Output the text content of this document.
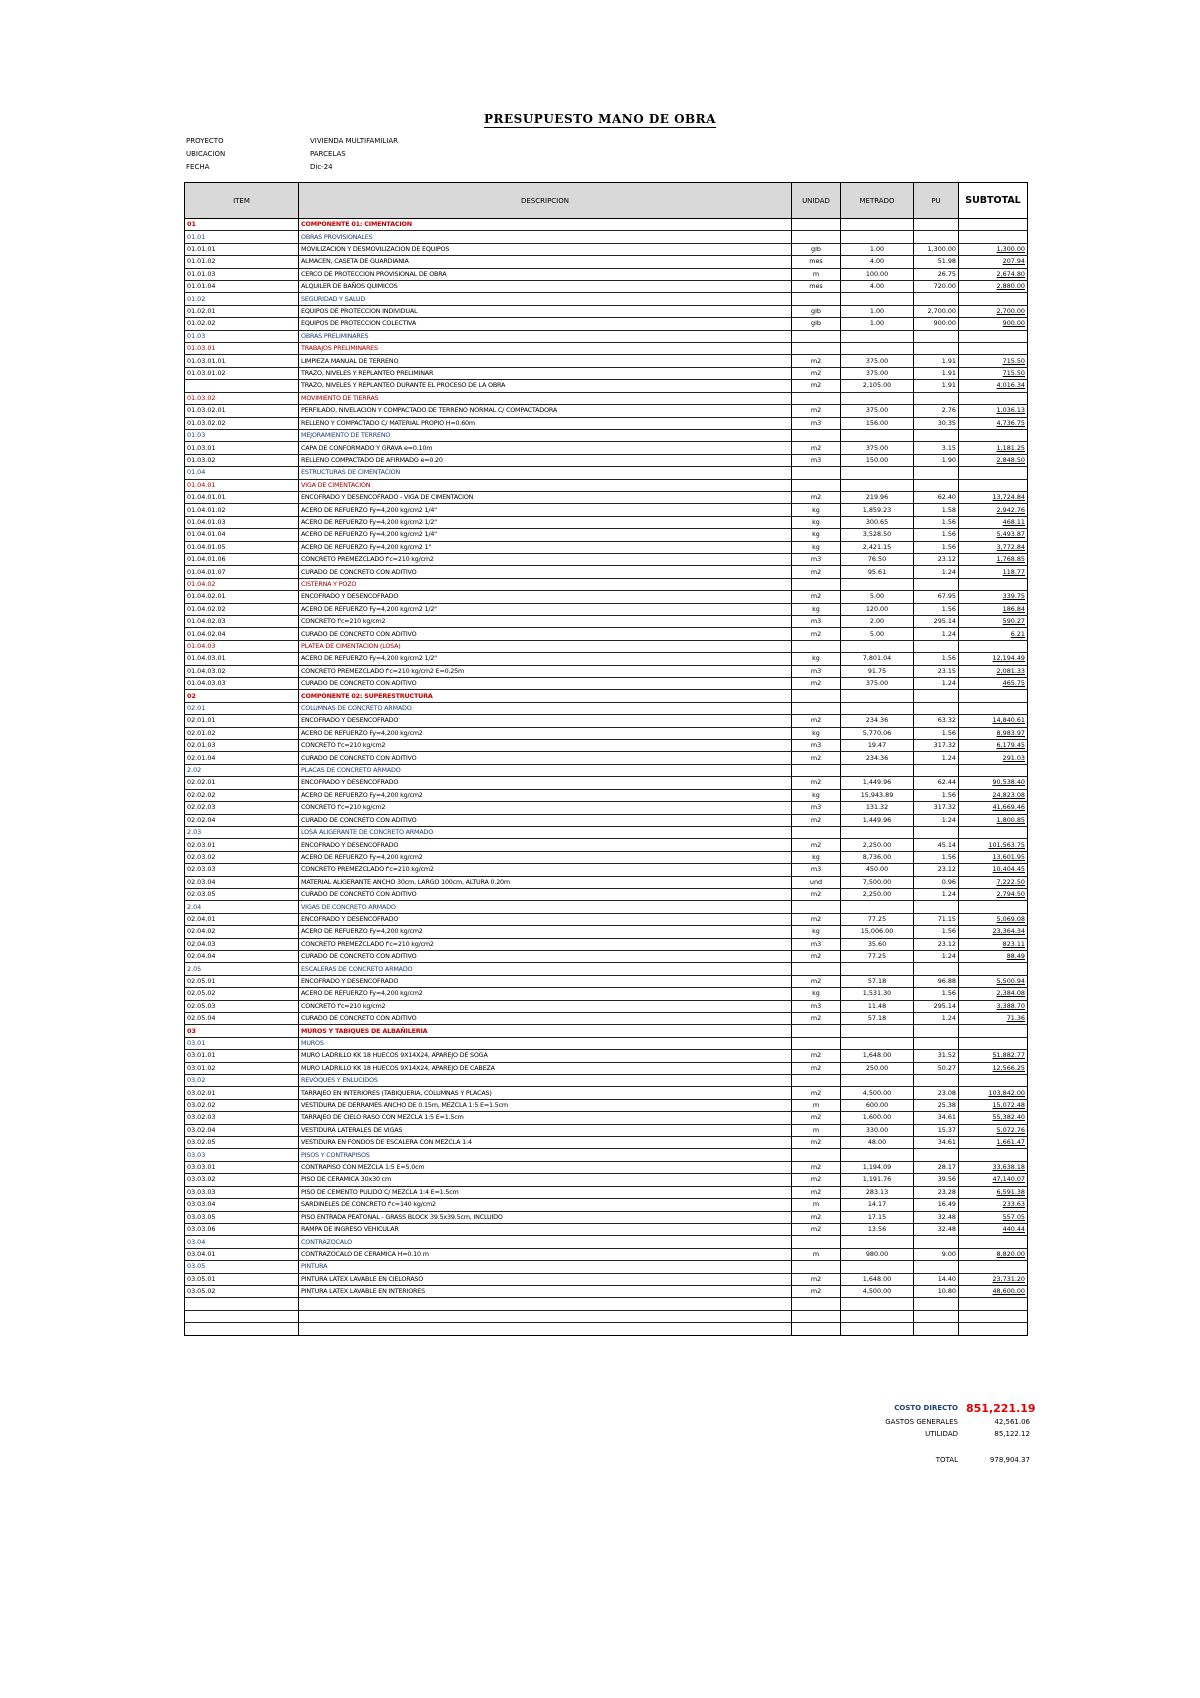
PRESUPUESTO MANO DE OBRA
PROYECTO	VIVIENDA MULTIFAMILIAR
UBICACION	PARCELAS
FECHA	Dic-24
ITEM	DESCRIPCION	UNIDAD	METRADO	PU	SUBTOTAL
01	COMPONENTE 01: CIMENTACION				
01.01	OBRAS PROVISIONALES				
01.01.01	MOVILIZACION Y DESMOVILIZACION DE EQUIPOS	glb	1.00	1,300.00	1,300.00
01.01.02	ALMACEN, CASETA DE GUARDIANIA	mes	4.00	51.98	207.94
01.01.03	CERCO DE PROTECCION PROVISIONAL DE OBRA	m	100.00	26.75	2,674.80
01.01.04	ALQUILER DE BAÑOS QUIMICOS	mes	4.00	720.00	2,880.00
01.02	SEGURIDAD Y SALUD				
01.02.01	EQUIPOS DE PROTECCION INDIVIDUAL	glb	1.00	2,700.00	2,700.00
01.02.02	EQUIPOS DE PROTECCION COLECTIVA	glb	1.00	900.00	900.00
01.03	OBRAS PRELIMINARES				
01.03.01	TRABAJOS PRELIMINARES				
01.03.01.01	LIMPIEZA MANUAL DE TERRENO	m2	375.00	1.91	715.50
01.03.01.02	TRAZO, NIVELES Y REPLANTEO PRELIMINAR	m2	375.00	1.91	715.50
	TRAZO, NIVELES Y REPLANTEO DURANTE EL PROCESO DE LA OBRA	m2	2,105.00	1.91	4,016.34
01.03.02	MOVIMIENTO DE TIERRAS				
01.03.02.01	PERFILADO, NIVELACION Y COMPACTADO DE TERRENO NORMAL C/ COMPACTADORA	m2	375.00	2.76	1,036.13
01.03.02.02	RELLENO Y COMPACTADO C/ MATERIAL PROPIO H=0.60m	m3	156.00	30.35	4,736.75
01.03	MEJORAMIENTO DE TERRENO				
01.03.01	CAPA DE CONFORMADO Y GRAVA e=0.10m	m2	375.00	3.15	1,181.25
01.03.02	RELLENO COMPACTADO DE AFIRMADO e=0.20	m3	150.00	1.90	2,848.50
01.04	ESTRUCTURAS DE CIMENTACION				
01.04.01	VIGA DE CIMENTACION				
01.04.01.01	ENCOFRADO Y DESENCOFRADO - VIGA DE CIMENTACION	m2	219.96	62.40	13,724.84
01.04.01.02	ACERO DE REFUERZO Fy=4,200 kg/cm2 1/4"	kg	1,859.23	1.58	2,942.76
01.04.01.03	ACERO DE REFUERZO Fy=4,200 kg/cm2 1/2"	kg	300.65	1.56	468.11
01.04.01.04	ACERO DE REFUERZO Fy=4,200 kg/cm2 1/4"	kg	3,528.50	1.56	5,493.87
01.04.01.05	ACERO DE REFUERZO Fy=4,200 kg/cm2 1"	kg	2,421.15	1.56	3,772.84
01.04.01.06	CONCRETO PREMEZCLADO f'c=210 kg/cm2	m3	76.50	23.12	1,768.85
01.04.01.07	CURADO DE CONCRETO CON ADITIVO	m2	95.61	1.24	118.77
01.04.02	CISTERNA Y POZO				
01.04.02.01	ENCOFRADO Y DESENCOFRADO	m2	5.00	67.95	339.75
01.04.02.02	ACERO DE REFUERZO Fy=4,200 kg/cm2 1/2"	kg	120.00	1.56	186.84
01.04.02.03	CONCRETO f'c=210 kg/cm2	m3	2.00	295.14	590.27
01.04.02.04	CURADO DE CONCRETO CON ADITIVO	m2	5.00	1.24	6.21
01.04.03	PLATEA DE CIMENTACION (LOSA)				
01.04.03.01	ACERO DE REFUERZO Fy=4,200 kg/cm2 1/2"	kg	7,801.04	1.56	12,194.49
01.04.03.02	CONCRETO PREMEZCLADO f'c=210 kg/cm2 E=0.25m	m3	91.75	23.15	2,081.33
01.04.03.03	CURADO DE CONCRETO CON ADITIVO	m2	375.00	1.24	465.75
02	COMPONENTE 02: SUPERESTRUCTURA				
02.01	COLUMNAS DE CONCRETO ARMADO				
02.01.01	ENCOFRADO Y DESENCOFRADO	m2	234.36	63.32	14,840.61
02.01.02	ACERO DE REFUERZO Fy=4,200 kg/cm2	kg	5,770.06	1.56	8,983.97
02.01.03	CONCRETO f'c=210 kg/cm2	m3	19.47	317.32	6,179.45
02.01.04	CURADO DE CONCRETO CON ADITIVO	m2	234.36	1.24	291.03
2.02	PLACAS DE CONCRETO ARMADO				
02.02.01	ENCOFRADO Y DESENCOFRADO	m2	1,449.96	62.44	90,538.40
02.02.02	ACERO DE REFUERZO Fy=4,200 kg/cm2	kg	15,943.89	1.56	24,823.08
02.02.03	CONCRETO f'c=210 kg/cm2	m3	131.32	317.32	41,669.46
02.02.04	CURADO DE CONCRETO CON ADITIVO	m2	1,449.96	1.24	1,800.85
2.03	LOSA ALIGERANTE DE CONCRETO ARMADO				
02.03.01	ENCOFRADO Y DESENCOFRADO	m2	2,250.00	45.14	101,563.75
02.03.02	ACERO DE REFUERZO Fy=4,200 kg/cm2	kg	8,736.00	1.56	13,601.95
02.03.03	CONCRETO PREMEZCLADO f'c=210 kg/cm2	m3	450.00	23.12	10,404.45
02.03.04	MATERIAL ALIGERANTE ANCHO 30cm, LARGO 100cm, ALTURA 0.20m	und	7,500.00	0.96	7,222.50
02.03.05	CURADO DE CONCRETO CON ADITIVO	m2	2,250.00	1.24	2,794.50
2.04	VIGAS DE CONCRETO ARMADO				
02.04.01	ENCOFRADO Y DESENCOFRADO	m2	77.25	71.15	5,069.08
02.04.02	ACERO DE REFUERZO Fy=4,200 kg/cm2	kg	15,006.00	1.56	23,364.34
02.04.03	CONCRETO PREMEZCLADO f'c=210 kg/cm2	m3	35.60	23.12	823.11
02.04.04	CURADO DE CONCRETO CON ADITIVO	m2	77.25	1.24	88.49
2.05	ESCALERAS DE CONCRETO ARMADO				
02.05.01	ENCOFRADO Y DESENCOFRADO	m2	57.18	96.88	5,500.94
02.05.02	ACERO DE REFUERZO Fy=4,200 kg/cm2	kg	1,531.30	1.56	2,384.08
02.05.03	CONCRETO f'c=210 kg/cm2	m3	11.48	295.14	3,388.70
02.05.04	CURADO DE CONCRETO CON ADITIVO	m2	57.18	1.24	71.36
03	MUROS Y TABIQUES DE ALBAÑILERIA				
03.01	MUROS				
03.01.01	MURO LADRILLO KK 18 HUECOS 9X14X24, APAREJO DE SOGA	m2	1,648.00	31.52	51,882.77
03.01.02	MURO LADRILLO KK 18 HUECOS 9X14X24, APAREJO DE CABEZA	m2	250.00	50.27	12,566.25
03.02	REVOQUES Y ENLUCIDOS				
03.02.01	TARRAJEO EN INTERIORES (TABIQUERIA, COLUMNAS Y PLACAS)	m2	4,500.00	23.08	103,842.00
03.02.02	VESTIDURA DE DERRAMES ANCHO DE 0.15m, MEZCLA 1:5 E=1.5cm	m	600.00	25.38	15,072.48
03.02.03	TARRAJEO DE CIELO RASO CON MEZCLA 1:5 E=1.5cm	m2	1,600.00	34.61	55,382.40
03.02.04	VESTIDURA LATERALES DE VIGAS	m	330.00	15.37	5,072.76
03.02.05	VESTIDURA EN FONDOS DE ESCALERA CON MEZCLA 1:4	m2	48.00	34.61	1,661.47
03.03	PISOS Y CONTRAPISOS				
03.03.01	CONTRAPISO CON MEZCLA 1:5 E=5.0cm	m2	1,194.09	28.17	33,638.18
03.03.02	PISO DE CERAMICA 30x30 cm	m2	1,191.76	39.56	47,140.07
03.03.03	PISO DE CEMENTO PULIDO C/ MEZCLA 1:4 E=1.5cm	m2	283.13	23.28	6,591.38
03.03.04	SARDINELES DE CONCRETO f'c=140 kg/cm2	m	14.17	16.49	233.63
03.03.05	PISO ENTRADA PEATONAL - GRASS BLOCK 39.5x39.5cm, INCLUIDO	m2	17.15	32.48	557.05
03.03.06	RAMPA DE INGRESO VEHICULAR	m2	13.56	32.48	440.44
03.04	CONTRAZOCALO				
03.04.01	CONTRAZOCALO DE CERAMICA H=0.10 m	m	980.00	9.00	8,820.00
03.05	PINTURA				
03.05.01	PINTURA LATEX LAVABLE EN CIELORASO	m2	1,648.00	14.40	23,731.20
03.05.02	PINTURA LATEX LAVABLE EN INTERIORES	m2	4,500.00	10.80	48,600.00

COSTO DIRECTO 851,221.19
GASTOS GENERALES	42,561.06
UTILIDAD	85,122.12
TOTAL	978,904.37
